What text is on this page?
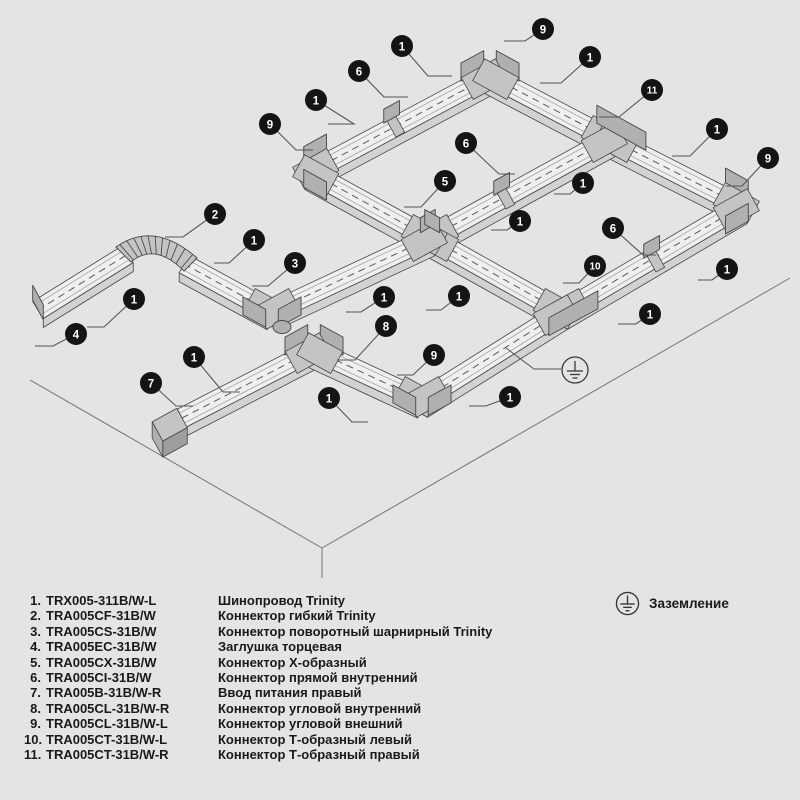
9
1
6
1
1
11
9
6
1
9
5	1
2
6
1
1
3	10	1
1	1
1
1
4
8
9
1
7
1	1
1. TRX005-311B/W-L	Шинопровод Trinity
2. TRA005CF-31B/W	Коннектор гибкий Trinity
3. TRA005CS-31B/W	Коннектор поворотный шарнирный Trinity
4. TRA005EC-31B/W	Заглушка торцевая
5. TRA005CX-31B/W	Коннектор Х-образный
6. TRA005CI-31B/W	Коннектор прямой внутренний
7. TRA005B-31B/W-R	Ввод питания правый
8. TRA005CL-31B/W-R	Коннектор угловой внутренний
9. TRA005CL-31B/W-L	Коннектор угловой внешний
10. TRA005CT-31B/W-L	Коннектор Т-образный левый
11. TRA005CT-31B/W-R	Коннектор Т-образный правый
Заземление
